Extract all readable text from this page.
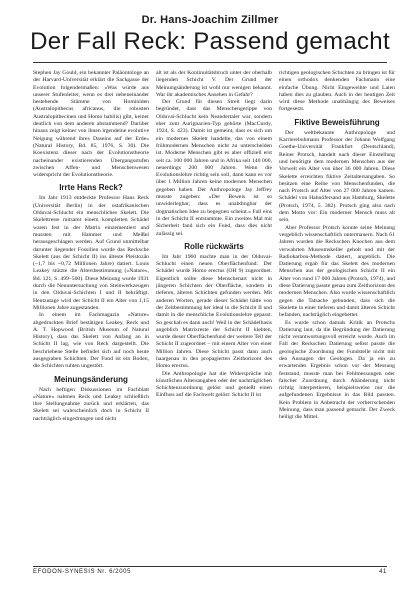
Dr. Hans-Joachim Zillmer
Der Fall Reck: Passend gemacht

Stephen Jay Gould, ein bekannter Paläontologe an der Harvard-Universität erklärt die Sackgasse der Evolution folgendermaßen: »Was würde aus unserer Stufenleiter, wenn es drei nebeneinander bestehende Stämme von Hominiden (Australopithecus africanus, die robusten Australopithecinen und Homo habilis) gibt, keiner deutlich von dem anderen abstammend? Darüber hinaus zeigt keiner von ihnen irgendeine evolutive Neigung während ihres Daseins auf der Erde« (Natural History, Bd. 85, 1976, S. 30). Die Koexistenz dieser nach der Evolutionstheorie nacheinander existierenden Übergangsstufen zwischen Affen- und Menschenwesen widerspricht der Evolutionstheorie.

Irrte Hans Reck?

Im Jahr 1913 entdeckte Professor Hans Reck (Universität Berlin) in der ostafrikanischen Olduvai-Schlucht ein menschliches Skelett. Die Skelettreste mitsamt einem kompletten Schädel waren fest in der Matrix einzementiert und mussten mit Hammer und Meißel herausgeschlagen werden. Auf Grund unmittelbar darunter liegender Fossilien wurde das Recksche Skelett (aus der Schicht II) ins älteste Pleistozän (~1,7 bis ~0,72 Millionen Jahre) datiert. Louis Leakey stützte die Altersbestimmung (»Nature«, Bd. 121, S. 499–500). Diese Meinung wurde 1931 durch die Neuuntersuchung von Steinwerkzeugen in den Olduvai-Schichten I und II bekräftigt. Heutzutage wird der Schicht II ein Alter von 1,15 Millionen Jahre zugestanden.

In einem im Fachmagazin »Nature« abgedruckten Brief bestätigen Leakey, Reck und A. T. Hopwood (British Museum of Natural History), dass das Skelett von Anfang an in Schicht II lag, wie von Reck dargestellt. Die beschriebene Stelle befindet sich auf noch heute ausgegraben Schichten. Der Fund ist ein Boden, die Schichten ruhten ungestört.

Meinungsänderung

Nach heftigen Diskussionen im Fachblatt »Nature« nahmen Reck und Leakey schließlich ihre Stellungnahme zurück und erklärten, das Skelett sei wahrscheinlich doch in Schicht II nachträglich eingedrungen und nicht

alt ist als der Kontinuitätsbruch unter der oberhalb liegenden Schicht V. Der Grund der Meinungsänderung ist wohl nur wenigen bekannt. War ihr akademisches Ansehen in Gefahr?

Der Grund für diesen Streit liegt darin begründet, dass das Menschengerippe von Olduvai-Schlucht kein Neandertaler war, sondern eher zum Aurignacien-Typ gehörte (MacCurdy, 1924, S. 423). Damit ist gemeint, dass es sich um ein modernes Skelett handelte, das von einem frühmodernen Menschen nicht zu unterscheiden ist. Moderne Menschen gibt es aber offiziell erst seit ca. 100 000 Jahren und in Afrika seit 140 000, neuerdings 200 000 Jahren. Wenn die Evolutionslehre richtig sein soll, dann kann es vor über 1 Million Jahren keine modernen Menschen gegeben haben. Der Anthropologe Jay Jeffrey musste zugeben: »Der Beweis ist so unwiderlegbar, dass es unabdingbar der dogmatischen Idee zu begegnen scheint.« Fall eins in der Schicht II entstammte. Ein zweites Mal mit Sicherheit fand sich ein Fund, dass dies nicht zulässig sei.

Rolle rückwärts

Im Jahr 1960 machte man in der Olduvai-Schlucht einen neuen Oberflächenfund: Der Schädel wurde Homo erectus (OH 9) zugeordnet. Eigentlich sollte diese Menschenart nicht in jüngeren Schichten der Oberfläche, sondern in tieferen, älteren Schichten gefunden werden. Mit anderen Worten, gerade dieser Schädel hätte von der Zeitbestimmung her ideal in die Schicht II und damit in die menschliche Evolutionslehre gepasst. So geschah es dann auch! Weil in der Schädelbasis angeblich Matrixreste der Schicht II klebten, wurde dieser Oberflächenfund der weitere Teil der Schicht II zugeordnet – mit einem Alter von einer Million Jahren. Diese Schicht passt dann auch haargenau in den propagierten Zeithorizont des Homo erectus.

Die Anthropologie hat die Widersprüche mit künstlichen Altersangaben oder der nachträglichen Schichtenzuordnung gelöst und genießt einen Einfluss auf die Fachwelt gelöst: Schicht II ist

richtigen geologischen Schichten zu bringen ist für einen orthodox denkenden Fachmann eine einfache Übung. Nicht Eingeweihte und Laien haben dies zu glauben. Auch in der heutigen Zeit wird diese Methode unabhängig des Beweises fortgesetzt.

Fiktive Beweisführung

Der weltbekannte Anthropologe und Karrierebuhmann Professor der Johann Wolfgang Goethe-Universität Frankfurt (Deutschland), Reiner Protsch, handelt nach dieser Einstellung und benötigte dem modernen Menschen aus der Vorwelt ein Alter von über 36 000 Jahren. Diese Skelette erreichten fiktive Zeitaltersangaben. So besitzen eine Reihe von Menschenfunden, die nach Protsch auf Alter von 27 000 Jahren kamen. Schädel von Hahnöfersand aus Hamburg, Skelette (Protsch, 1974, 5. 382). Protsch ging also nach dem Motto vor: Ein moderner Mensch muss alt sein.

Aber Professor Protsch konnte seine Meinung vergeblich wissenschaftlich untermauern. Nach 61 Jahren wurden die Reckschen Knochen aus dem verwahrten Museumskeller geholt und mit der Radiokarbon-Methode datiert, angeblich. Die Datierung ergab für das Skelett des modernen Menschen aus der geologischen Schicht II ein Alter von rund 17 000 Jahren (Protsch, 1974), und diese Datierung passte genau zum Zeithorizont des modernen Menschen. Also wurde wissenschaftlich gegen die Tatsache gebunden, dass sich die Skelette in einer tieferen und damit älteren Schicht befanden, nachträglich eingebettet.

Es wurde schon damals Kritik an Protschs Datierung laut, da die Begründung der Datierung nicht verantwortungsvoll erreicht wurde. Auch im Fall der Reckschen Datierung selbst passte die geologische Zuordnung der Fundstelle nicht mit den Aussagen der Geologen. Da ja ein zu erwartendes Ergebnis schon vor der Messung feststand, musste man bei Fehlmessungen oder falscher Zuordnung durch Abänderung nicht richtig interpretieren, beispielsweise nur die aufgefundenen Ergebnisse in das Bild passten. Kein Problem in Anbetracht der vorherrschenden Meinung, dass man passend gemacht. Der Zweck heiligt die Mittel.

EFODON-SYNESIS Nr. 6/2005	41
